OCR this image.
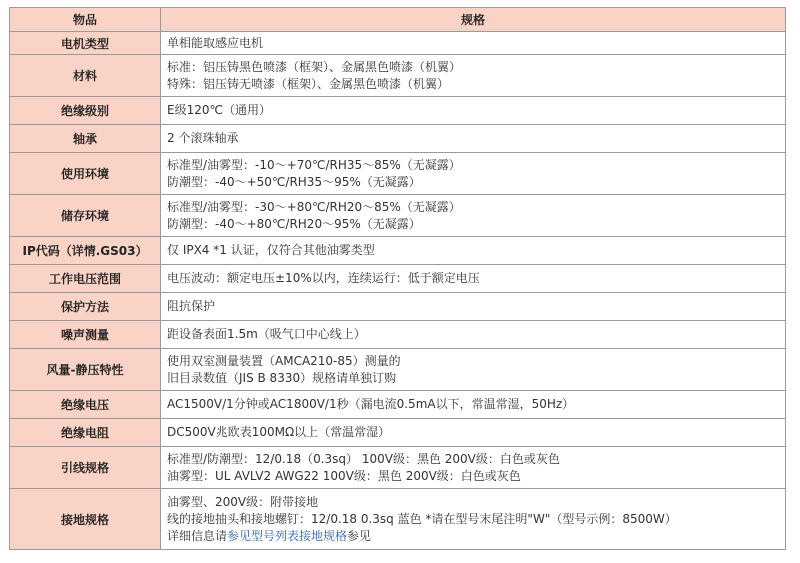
物品	规格
电机类型	单相能取感应电机

材料	标准：铝压铸黑色喷漆（框架）、金属黑色喷漆（机翼）
特殊：铝压铸无喷漆（框架）、金属黑色喷漆（机翼）

绝缘级别	E级120℃（通用）

轴承	2 个滚珠轴承

使用环境	标准型/油雾型：-10～+70℃/RH35～85%（无凝露）
防潮型：-40～+50℃/RH35～95%（无凝露）

储存环境	标准型/油雾型：-30～+80℃/RH20～85%（无凝露）
防潮型：-40～+80℃/RH20～95%（无凝露）

IP代码（详情.GS03）	仅 IPX4 *1 认证，仅符合其他油雾类型

工作电压范围	电压波动：额定电压±10%以内，连续运行：低于额定电压

保护方法	阻抗保护

噪声测量	距设备表面1.5m（吸气口中心线上）

风量-静压特性	使用双室测量装置（AMCA210-85）测量的
旧目录数值（JIS B 8330）规格请单独订购

绝缘电压	AC1500V/1分钟或AC1800V/1秒（漏电流0.5mA以下，常温常湿，50Hz）

绝缘电阻	DC500V兆欧表100MΩ以上（常温常湿）

引线规格	标准型/防潮型：12/0.18（0.3sq） 100V级：黑色 200V级：白色或灰色
油雾型：UL AVLV2 AWG22 100V级：黑色 200V级：白色或灰色

接地规格	油雾型、200V级：附带接地
线的接地抽头和接地螺钉：12/0.18 0.3sq 蓝色 *请在型号末尾注明"W"（型号示例：8500W）
详细信息请参见型号列表接地规格参见
